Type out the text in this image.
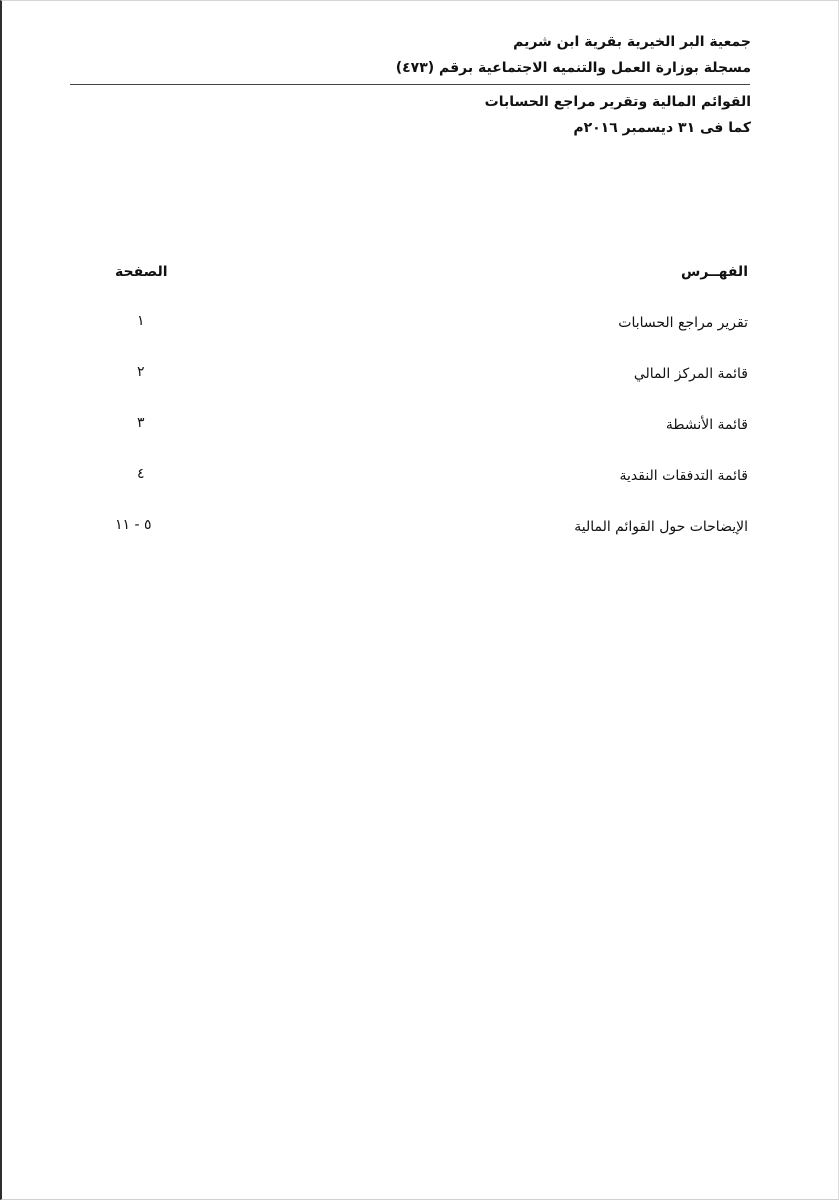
جمعية البر الخيرية بقرية ابن شريم
مسجلة بوزارة العمل والتنميه الاجتماعية برقم (٤٧٣)
القوائم المالية وتقرير مراجع الحسابات
كما فى ٣١ ديسمبر ٢٠١٦م
الفهــرس
الصفحة
تقرير مراجع الحسابات
١
قائمة المركز المالي
٢
قائمة الأنشطة
٣
قائمة التدفقات النقدية
٤
الإيضاحات حول القوائم المالية
٥ - ١١
